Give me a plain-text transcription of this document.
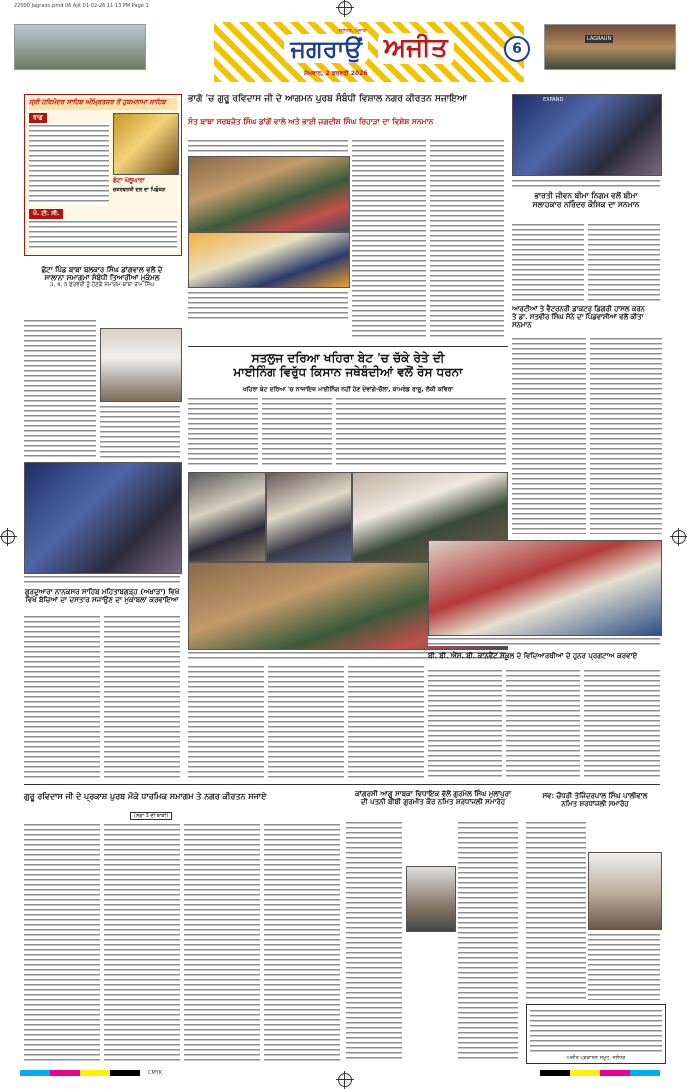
22000 Jagraon.pmd 06 Ajit 01-02-26 11 13 PM Page 1
ਜਗਰਾਉਂ ਅਜੀਤ
ਜਲੰਧਰ, ਪੰਜਾਬ
ਸੋਮਵਾਰ, 2 ਫਰਵਰੀ 2026
6
LAGRAUN
ਸ੍ਰੀ ਹਰਿਮੰਦਰ ਸਾਹਿਬ ਅੰਮ੍ਰਿਤਸਰ ਤੋਂ ਹੁਕਮਨਾਮਾ ਸਾਹਿਬ
ਰਾਗੁ
ਪੰ. ਟੀ. ਸੀ.
ਛੋਟਾ ਘੱਲੂਘਾਰਾ
ਚਕਰਵਰਤੀ ਦਲ ਦਾ ਪਿਛੋਕੜ
ਛੋਟਾ ਪਿੰਡ ਬਾਬਾ ਬਲਕਾਰ ਸਿੰਘ ਡਾਂਗਵਾਲ ਵਲੋਂ ਦੇ
ਸਾਲਾਨਾ ਸਮਾਗਮਾਂ ਸੰਬੰਧੀ ਤਿਆਰੀਆਂ ਮੁਕੰਮਲ
3, 4, 5 ਫਰਵਰੀ ਨੂੰ ਹੋਣਗੇ ਸਮਾਗਮ-ਬਾਬਾ ਰਾਮ ਸਿੰਘ
ਗੁਰਦੁਆਰਾ ਨਾਨਕਸਰ ਸਾਹਿਬ ਮਹਿਤਾਬਗੜ੍ਹ (ਅਖ਼ਾੜਾ) ਵਿਖੇ
ਵਿਖੇ ਬੱਚਿਆਂ ਦਾ ਦਸਤਾਰ ਸਜਾਉਣ ਦਾ ਮੁਕਾਬਲਾ ਕਰਵਾਇਆ
ਭਾਗੋ 'ਚ ਗੁਰੂ ਰਵਿਦਾਸ ਜੀ ਦੇ ਆਗਮਨ ਪੁਰਬ ਸੰਬੰਧੀ ਵਿਸ਼ਾਲ ਨਗਰ ਕੀਰਤਨ ਸਜਾਇਆ
ਸੰਤ ਬਾਬਾ ਸਰਬਜੋਤ ਸਿੰਘ ਡਾਂਗੋਂ ਵਾਲੇ ਅਤੇ ਭਾਈ ਜਗਦੀਸ਼ ਸਿੰਘ ਰਿਹਾੜਾ ਦਾ ਵਿਸ਼ੇਸ਼ ਸਨਮਾਨ
EXPAND
ਭਾਰਤੀ ਜੀਵਨ ਬੀਮਾ ਨਿਗਮ ਵਲੋਂ ਬੀਮਾ
ਸਲਾਹਕਾਰ ਨਰਿੰਦਰ ਕੌਸ਼ਿਕ ਦਾ ਸਨਮਾਨ
ਆਰਟੀਆਂ ਤੇ ਵੈਟਰਨਰੀ ਡਾਕਟਰ ਡਿਗਰੀ ਹਾਸਲ ਕਰਨ
ਤੇ ਡਾ. ਸਤਵੀਰ ਸਿੰਘ ਸੋਨੇ ਦਾ ਪਿੰਡਵਾਸੀਆਂ ਵਲੋਂ ਕੀਤਾ ਸਨਮਾਨ
ਸਤਲੁਜ ਦਰਿਆ ਖਹਿਰਾ ਬੇਟ 'ਚ ਚੱਕੇ ਰੇਤੇ ਦੀ
ਮਾਈਨਿੰਗ ਵਿਰੁੱਧ ਕਿਸਾਨ ਜਥੇਬੰਦੀਆਂ ਵਲੋਂ ਰੋਸ ਧਰਨਾ
ਖਹਿਰਾ ਬੇਟ ਦਰਿਆ 'ਚ ਨਾਜਾਇਜ਼ ਮਾਈਨਿੰਗ ਨਹੀਂ ਹੋਣ ਦੇਵਾਂਗੇ-ਚੌਲਾ, ਕਾਮਰੇਡ ਰਾਜੂ, ਲੱਕੀ ਕਵਿਰਾ
ਬੀ. ਬੀ. ਐੱਸ. ਬੀ. ਕਾਨਵੈਂਟ ਸਕੂਲ ਦੇ ਵਿਦਿਆਰਥੀਆਂ ਦੇ ਹੁਨਰ ਪ੍ਰਗਟਾਅ ਕਰਵਾਏ
ਗੁਰੂ ਰਵਿਦਾਸ ਜੀ ਦੇ ਪ੍ਰਕਾਸ਼ ਪੁਰਬ ਮੌਕੇ ਧਾਰਮਿਕ ਸਮਾਗਮ ਤੇ ਨਗਰ ਕੀਰਤਨ ਸਜਾਏ
(ਸਫ਼ਾ 3 ਦੀ ਬਾਕੀ)
ਕਾਂਗਰਸੀ ਆਗੂ ਸਾਬਕਾ ਵਿਧਾਇਕ ਵੱਲੋਂ ਗੁਰਮੇਲ ਸਿੰਘ ਮੁਲਾਂਪੁਰਾ
ਦੀ ਪਤਨੀ ਬੀਬੀ ਗੁਰਮੀਤ ਕੌਰ ਨਮਿਤ ਸ਼ਰਧਾਂਜਲੀ ਸਮਾਰੋਹ
ਸਵ: ਚੌਧਰੀ ਤੇਜਿੰਦਰਪਾਲ ਸਿੰਘ ਪਾਲੀਵਾਲ
ਨਮਿਤ ਸ਼ਰਧਾਂਜਲੀ ਸਮਾਰੋਹ
ਅਜੀਤ ਪ੍ਰਕਾਸ਼ਨ ਸਮੂਹ, ਜਲੰਧਰ
CMYK
